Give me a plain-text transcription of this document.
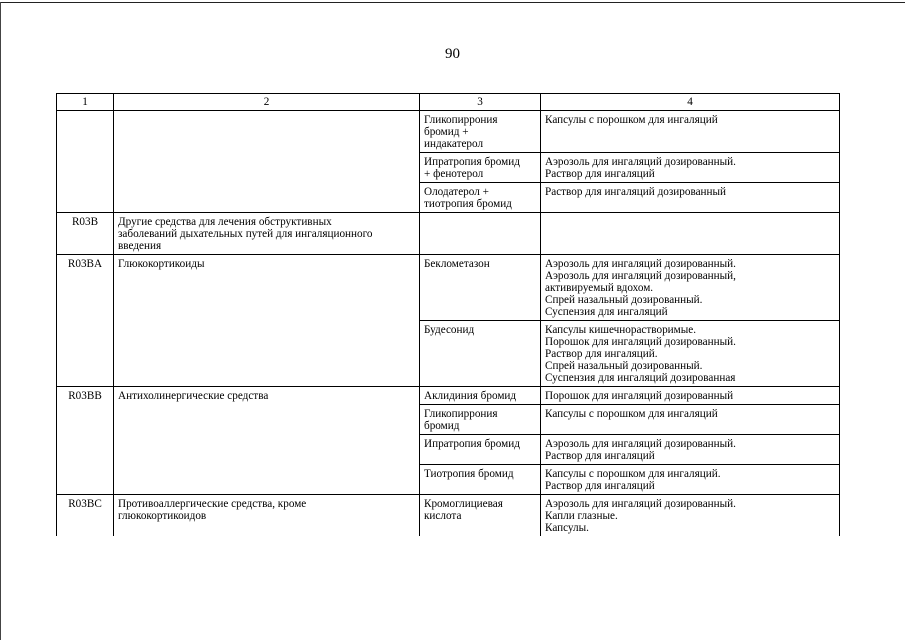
90
1	2	3	4

		Гликопиррония
бромид +
индакатерол	Капсулы с порошком для ингаляций

		Ипратропия бромид
+ фенотерол	Аэрозоль для ингаляций дозированный.
Раствор для ингаляций

		Олодатерол +
тиотропия бромид	Раствор для ингаляций дозированный

R03B	Другие средства для лечения обструктивных
заболеваний дыхательных путей для ингаляционного
введения		

R03BA	Глюкокортикоиды	Беклометазон	Аэрозоль для ингаляций дозированный.
Аэрозоль для ингаляций дозированный,
активируемый вдохом.
Спрей назальный дозированный.
Суспензия для ингаляций

		Будесонид	Капсулы кишечнорастворимые.
Порошок для ингаляций дозированный.
Раствор для ингаляций.
Спрей назальный дозированный.
Суспензия для ингаляций дозированная

R03BB	Антихолинергические средства	Аклидиния бромид	Порошок для ингаляций дозированный

		Гликопиррония
бромид	Капсулы с порошком для ингаляций

		Ипратропия бромид	Аэрозоль для ингаляций дозированный.
Раствор для ингаляций

		Тиотропия бромид	Капсулы с порошком для ингаляций.
Раствор для ингаляций

R03BC	Противоаллергические средства, кроме
глюкокортикоидов	Кромоглициевая
кислота	Аэрозоль для ингаляций дозированный.
Капли глазные.
Капсулы.
